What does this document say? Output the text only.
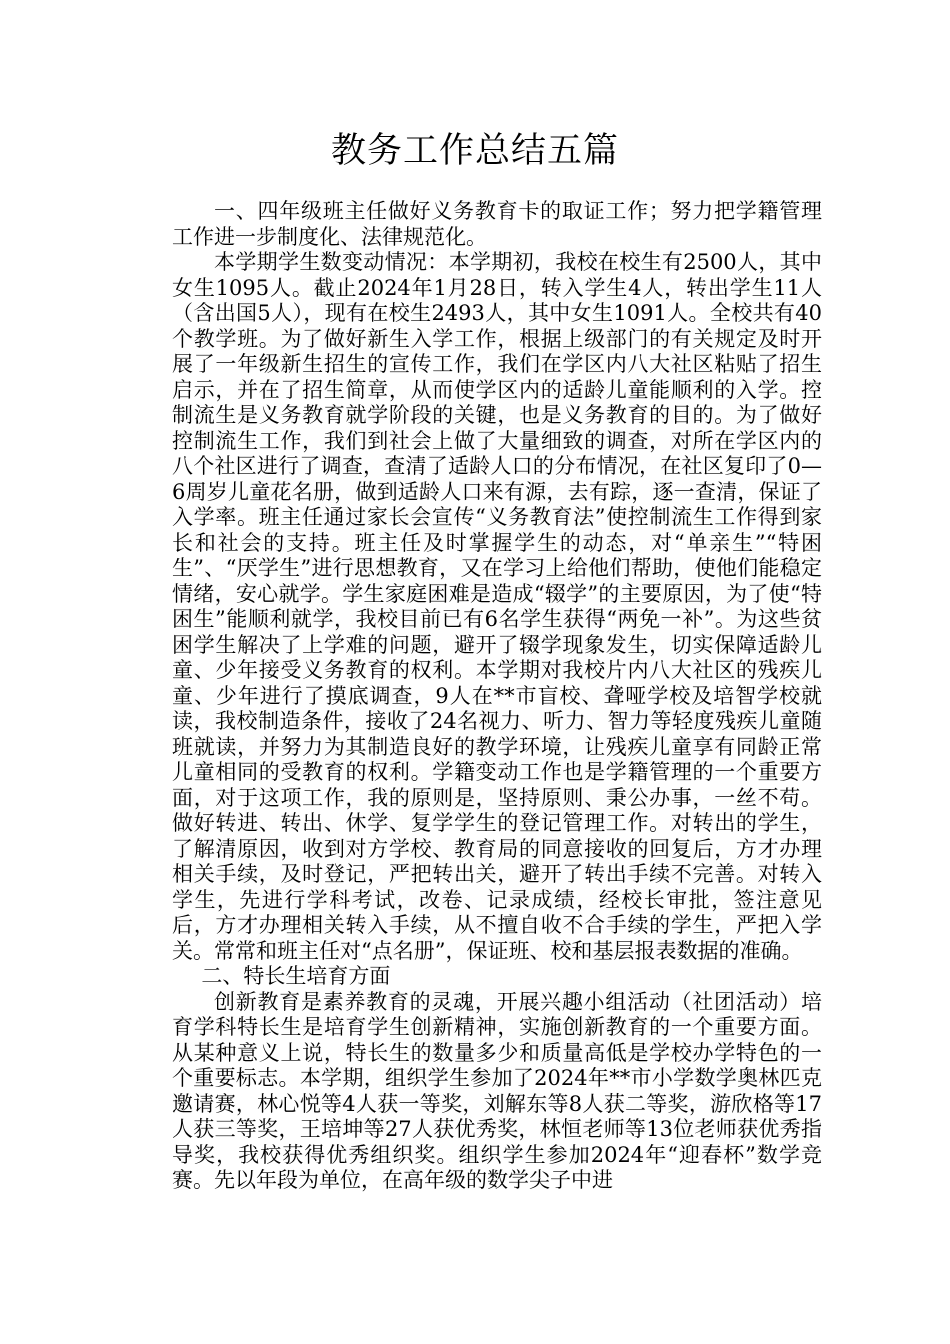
教务工作总结五篇

一、四年级班主任做好义务教育卡的取证工作；努力把学籍管理工作进一步制度化、法律规范化。

本学期学生数变动情况：本学期初，我校在校生有2500人，其中女生1095人。截止2024年1月28日，转入学生4人，转出学生11人（含出国5人），现有在校生2493人，其中女生1091人。全校共有40个教学班。为了做好新生入学工作，根据上级部门的有关规定及时开展了一年级新生招生的宣传工作，我们在学区内八大社区粘贴了招生启示，并在了招生简章，从而使学区内的适龄儿童能顺利的入学。控制流生是义务教育就学阶段的关键，也是义务教育的目的。为了做好控制流生工作，我们到社会上做了大量细致的调查，对所在学区内的八个社区进行了调查，查清了适龄人口的分布情况，在社区复印了0—6周岁儿童花名册，做到适龄人口来有源，去有踪，逐一查清，保证了入学率。班主任通过家长会宣传“义务教育法”使控制流生工作得到家长和社会的支持。班主任及时掌握学生的动态，对“单亲生”“特困生”、“厌学生”进行思想教育，又在学习上给他们帮助，使他们能稳定情绪，安心就学。学生家庭困难是造成“辍学”的主要原因，为了使“特困生”能顺利就学，我校目前已有6名学生获得“两免一补”。为这些贫困学生解决了上学难的问题，避开了辍学现象发生，切实保障适龄儿童、少年接受义务教育的权利。本学期对我校片内八大社区的残疾儿童、少年进行了摸底调查，9人在**市盲校、聋哑学校及培智学校就读，我校制造条件，接收了24名视力、听力、智力等轻度残疾儿童随班就读，并努力为其制造良好的教学环境，让残疾儿童享有同龄正常儿童相同的受教育的权利。学籍变动工作也是学籍管理的一个重要方面，对于这项工作，我的原则是，坚持原则、秉公办事，一丝不苟。做好转进、转出、休学、复学学生的登记管理工作。对转出的学生，了解清原因，收到对方学校、教育局的同意接收的回复后，方才办理相关手续，及时登记，严把转出关，避开了转出手续不完善。对转入学生，先进行学科考试，改卷、记录成绩，经校长审批，签注意见后，方才办理相关转入手续，从不擅自收不合手续的学生，严把入学关。常常和班主任对“点名册”，保证班、校和基层报表数据的准确。

二、特长生培育方面

创新教育是素养教育的灵魂，开展兴趣小组活动（社团活动）培育学科特长生是培育学生创新精神，实施创新教育的一个重要方面。从某种意义上说，特长生的数量多少和质量高低是学校办学特色的一个重要标志。本学期，组织学生参加了2024年**市小学数学奥林匹克邀请赛，林心悦等4人获一等奖，刘解东等8人获二等奖，游欣格等17人获三等奖，王培坤等27人获优秀奖，林恒老师等13位老师获优秀指导奖，我校获得优秀组织奖。组织学生参加2024年“迎春杯”数学竞赛。先以年段为单位，在高年级的数学尖子中进
